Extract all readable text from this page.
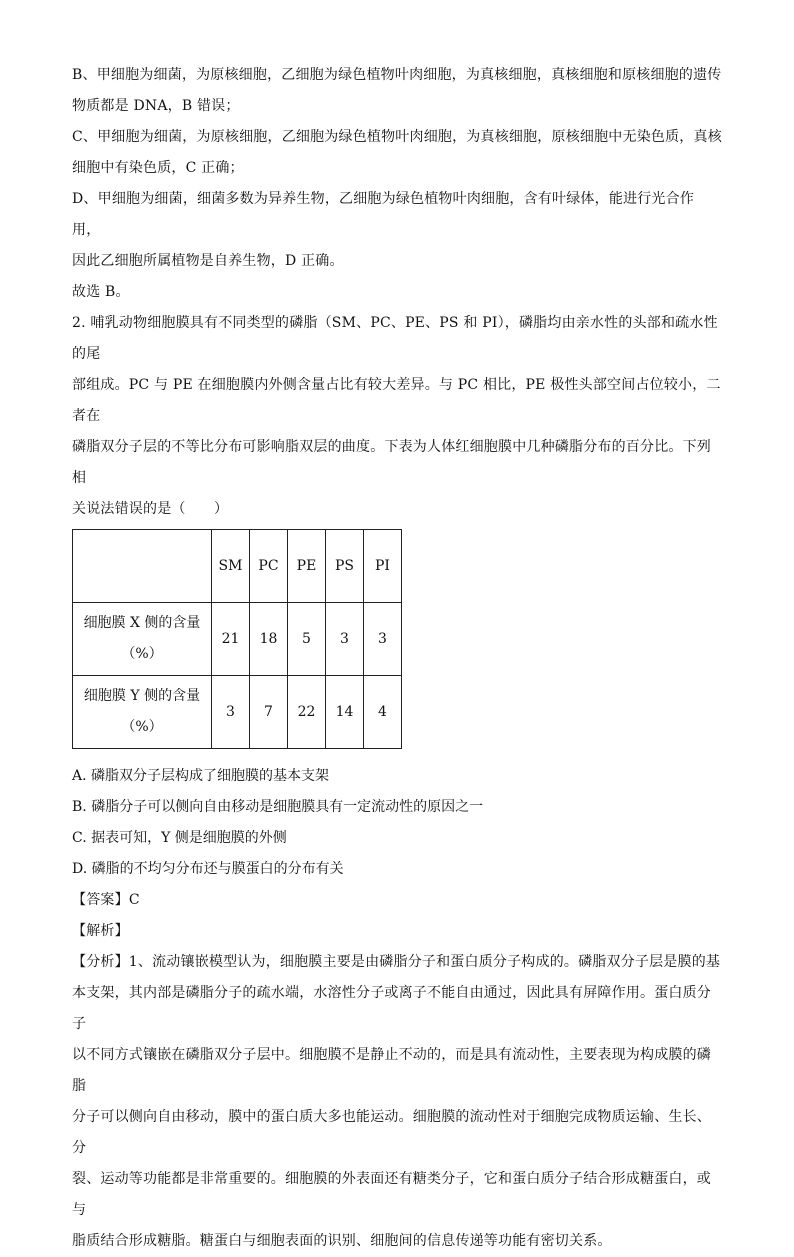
B、甲细胞为细菌，为原核细胞，乙细胞为绿色植物叶肉细胞，为真核细胞，真核细胞和原核细胞的遗传
物质都是 DNA，B 错误；

C、甲细胞为细菌，为原核细胞，乙细胞为绿色植物叶肉细胞，为真核细胞，原核细胞中无染色质，真核
细胞中有染色质，C 正确；

D、甲细胞为细菌，细菌多数为异养生物，乙细胞为绿色植物叶肉细胞，含有叶绿体，能进行光合作用，
因此乙细胞所属植物是自养生物，D 正确。

故选 B。

2. 哺乳动物细胞膜具有不同类型的磷脂（SM、PC、PE、PS 和 PI），磷脂均由亲水性的头部和疏水性的尾
部组成。PC 与 PE 在细胞膜内外侧含量占比有较大差异。与 PC 相比，PE 极性头部空间占位较小，二者在
磷脂双分子层的不等比分布可影响脂双层的曲度。下表为人体红细胞膜中几种磷脂分布的百分比。下列相
关说法错误的是（　　）

	SM	PC	PE	PS	PI

细胞膜 X 侧的含量
（%）	21	18	5	3	3

细胞膜 Y 侧的含量
（%）	3	7	22	14	4

A. 磷脂双分子层构成了细胞膜的基本支架

B. 磷脂分子可以侧向自由移动是细胞膜具有一定流动性的原因之一

C. 据表可知，Y 侧是细胞膜的外侧

D. 磷脂的不均匀分布还与膜蛋白的分布有关

【答案】C

【解析】

【分析】1、流动镶嵌模型认为，细胞膜主要是由磷脂分子和蛋白质分子构成的。磷脂双分子层是膜的基
本支架，其内部是磷脂分子的疏水端，水溶性分子或离子不能自由通过，因此具有屏障作用。蛋白质分子
以不同方式镶嵌在磷脂双分子层中。细胞膜不是静止不动的，而是具有流动性，主要表现为构成膜的磷脂
分子可以侧向自由移动，膜中的蛋白质大多也能运动。细胞膜的流动性对于细胞完成物质运输、生长、分
裂、运动等功能都是非常重要的。细胞膜的外表面还有糖类分子，它和蛋白质分子结合形成糖蛋白，或与
脂质结合形成糖脂。糖蛋白与细胞表面的识别、细胞间的信息传递等功能有密切关系。
